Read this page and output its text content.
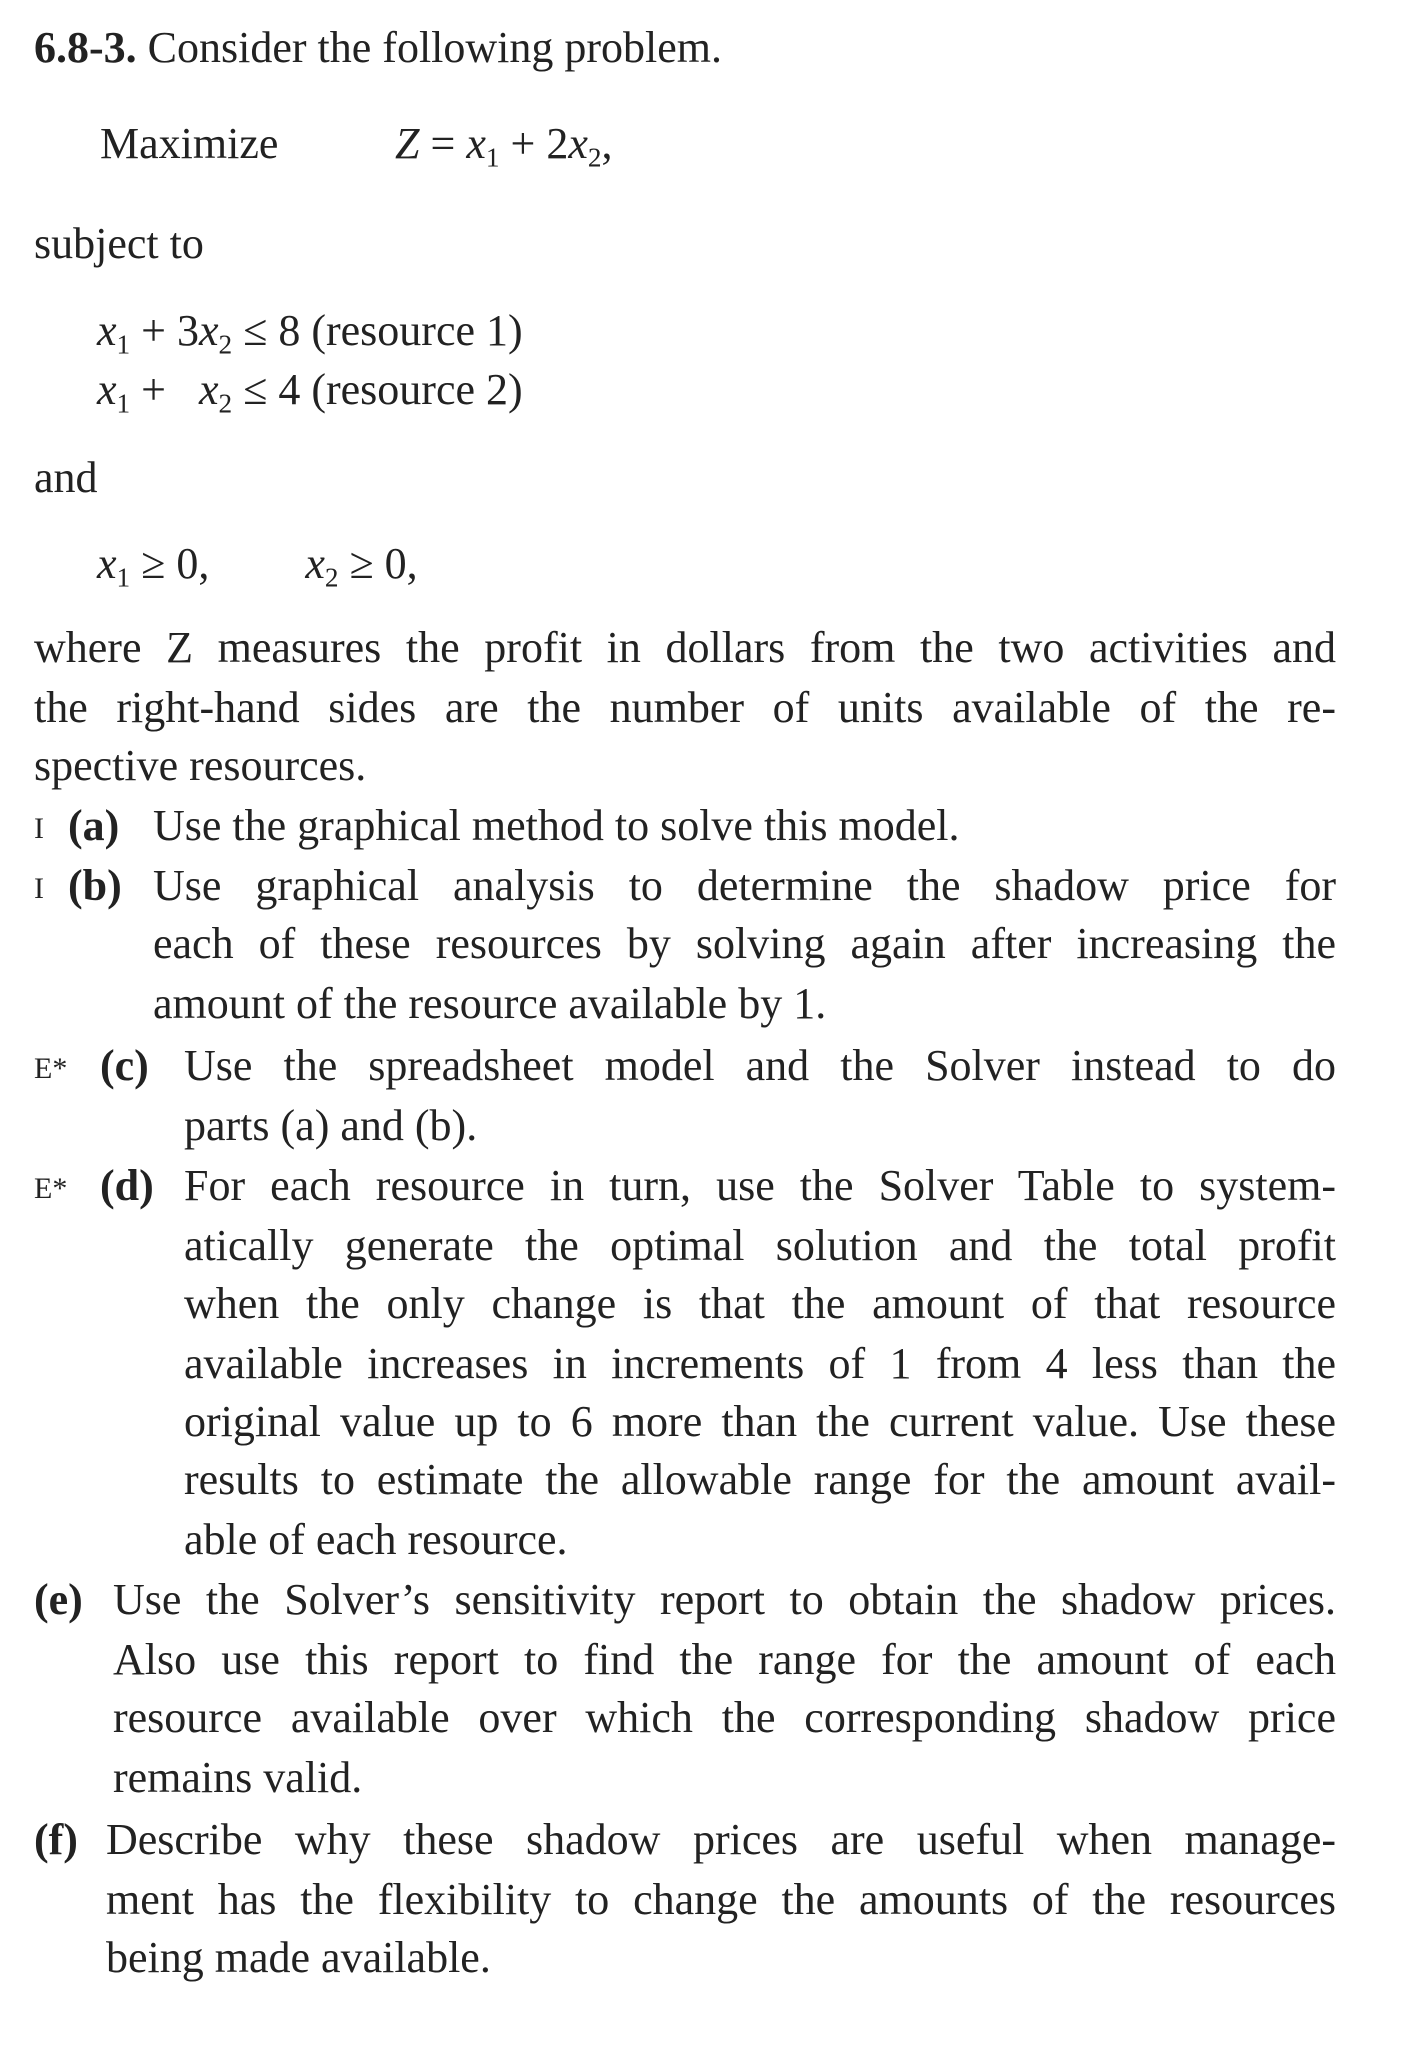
6.8-3. Consider the following problem.
Maximize	$Z = x_1 + 2x_2$,
subject to
$x_1 + 3x_2 \le 8$ (resource 1)
$x_1 + x_2 \le 4$ (resource 2)
and
$x_1 \ge 0$, $x_2 \ge 0$,
where Z measures the profit in dollars from the two activities and
the right-hand sides are the number of units available of the re-
spective resources.
I (a) Use the graphical method to solve this model.
I (b) Use graphical analysis to determine the shadow price for
each of these resources by solving again after increasing the
amount of the resource available by 1.
E* (c) Use the spreadsheet model and the Solver instead to do
parts (a) and (b).
E* (d) For each resource in turn, use the Solver Table to system-
atically generate the optimal solution and the total profit
when the only change is that the amount of that resource
available increases in increments of 1 from 4 less than the
original value up to 6 more than the current value. Use these
results to estimate the allowable range for the amount avail-
able of each resource.
(e) Use the Solver’s sensitivity report to obtain the shadow prices.
Also use this report to find the range for the amount of each
resource available over which the corresponding shadow price
remains valid.
(f) Describe why these shadow prices are useful when manage-
ment has the flexibility to change the amounts of the resources
being made available.
